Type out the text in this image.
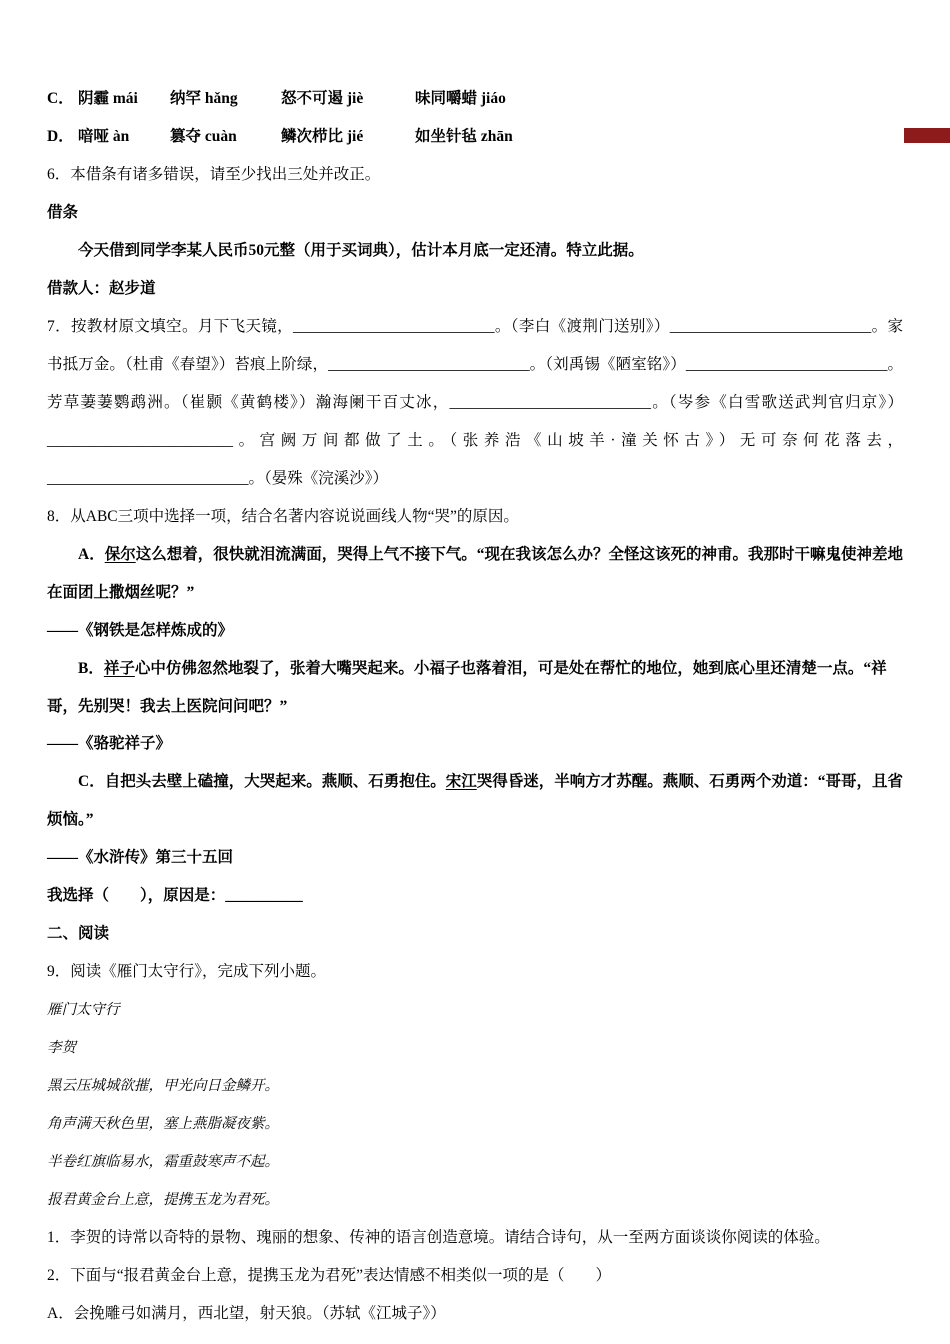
C． 阴霾 mái 纳罕 hǎng	怒不可遏 jiè	味同嚼蜡 jiáo
D． 喑哑 àn	篡夺 cuàn	鳞次栉比 jié	如坐针毡 zhān

6．本借条有诸多错误，请至少找出三处并改正。

借条

今天借到同学李某人民币50元整（用于买词典），估计本月底一定还清。特立此据。

借款人：赵步道

7．按教材原文填空。月下飞天镜，__________________________。（李白《渡荆门送别》）__________________________。家书抵万金。（杜甫《春望》）苔痕上阶绿，__________________________。（刘禹锡《陋室铭》）__________________________。芳草萋萋鹦鹉洲。（崔颢《黄鹤楼》）瀚海阑干百丈冰，__________________________。（岑参《白雪歌送武判官归京》）________________________。宫阙万间都做了土。（张养浩《山坡羊·潼关怀古》）无可奈何花落去，__________________________。（晏殊《浣溪沙》）

8．从ABC三项中选择一项，结合名著内容说说画线人物“哭”的原因。

A．保尔这么想着，很快就泪流满面，哭得上气不接下气。“现在我该怎么办？全怪这该死的神甫。我那时干嘛鬼使神差地在面团上撒烟丝呢？”

——《钢铁是怎样炼成的》

B．祥子心中仿佛忽然地裂了，张着大嘴哭起来。小福子也落着泪，可是处在帮忙的地位，她到底心里还清楚一点。“祥哥，先别哭！我去上医院问问吧？”

——《骆驼祥子》

C．自把头去壁上磕撞，大哭起来。燕顺、石勇抱住。宋江哭得昏迷，半响方才苏醒。燕顺、石勇两个劝道：“哥哥，且省烦恼。”

——《水浒传》第三十五回

我选择（　　），原因是：__________

二、阅读

9．阅读《雁门太守行》，完成下列小题。

雁门太守行

李贺

黑云压城城欲摧，甲光向日金鳞开。

角声满天秋色里，塞上燕脂凝夜紫。

半卷红旗临易水，霜重鼓寒声不起。

报君黄金台上意，提携玉龙为君死。

1．李贺的诗常以奇特的景物、瑰丽的想象、传神的语言创造意境。请结合诗句，从一至两方面谈谈你阅读的体验。

2．下面与“报君黄金台上意，提携玉龙为君死”表达情感不相类似一项的是（　　）

A．会挽雕弓如满月，西北望，射天狼。（苏轼《江城子》）
